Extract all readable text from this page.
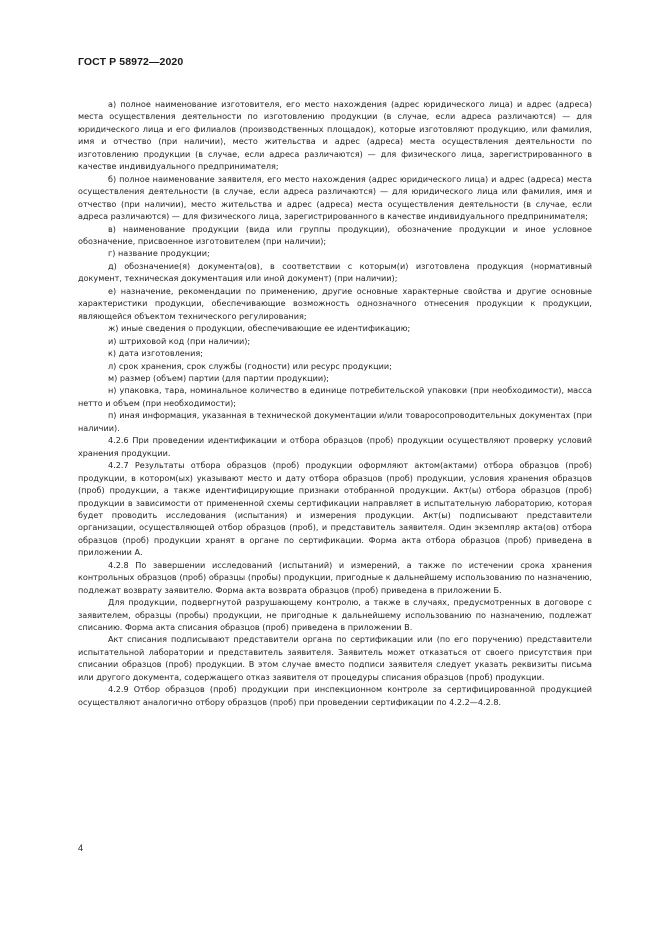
ГОСТ Р 58972—2020

а) полное наименование изготовителя, его место нахождения (адрес юридического лица) и адрес (адреса) места осуществления деятельности по изготовлению продукции (в случае, если адреса различаются) — для юридического лица и его филиалов (производственных площадок), которые изготовляют продукцию, или фамилия, имя и отчество (при наличии), место жительства и адрес (адреса) места осуществления деятельности по изготовлению продукции (в случае, если адреса различаются) — для физического лица, зарегистрированного в качестве индивидуального предпринимателя;

б) полное наименование заявителя, его место нахождения (адрес юридического лица) и адрес (адреса) места осуществления деятельности (в случае, если адреса различаются) — для юридического лица или фамилия, имя и отчество (при наличии), место жительства и адрес (адреса) места осуществления деятельности (в случае, если адреса различаются) — для физического лица, зарегистрированного в качестве индивидуального предпринимателя;

в) наименование продукции (вида или группы продукции), обозначение продукции и иное условное обозначение, присвоенное изготовителем (при наличии);

г) название продукции;

д) обозначение(я) документа(ов), в соответствии с которым(и) изготовлена продукция (нормативный документ, техническая документация или иной документ) (при наличии);

е) назначение, рекомендации по применению, другие основные характерные свойства и другие основные характеристики продукции, обеспечивающие возможность однозначного отнесения продукции к продукции, являющейся объектом технического регулирования;

ж) иные сведения о продукции, обеспечивающие ее идентификацию;

и) штриховой код (при наличии);

к) дата изготовления;

л) срок хранения, срок службы (годности) или ресурс продукции;

м) размер (объем) партии (для партии продукции);

н) упаковка, тара, номинальное количество в единице потребительской упаковки (при необходимости), масса нетто и объем (при необходимости);

п) иная информация, указанная в технической документации и/или товаросопроводительных документах (при наличии).

4.2.6 При проведении идентификации и отбора образцов (проб) продукции осуществляют проверку условий хранения продукции.

4.2.7 Результаты отбора образцов (проб) продукции оформляют актом(актами) отбора образцов (проб) продукции, в котором(ых) указывают место и дату отбора образцов (проб) продукции, условия хранения образцов (проб) продукции, а также идентифицирующие признаки отобранной продукции. Акт(ы) отбора образцов (проб) продукции в зависимости от примененной схемы сертификации направляет в испытательную лабораторию, которая будет проводить исследования (испытания) и измерения продукции. Акт(ы) подписывают представители организации, осуществляющей отбор образцов (проб), и представитель заявителя. Один экземпляр акта(ов) отбора образцов (проб) продукции хранят в органе по сертификации. Форма акта отбора образцов (проб) приведена в приложении А.

4.2.8 По завершении исследований (испытаний) и измерений, а также по истечении срока хранения контрольных образцов (проб) образцы (пробы) продукции, пригодные к дальнейшему использованию по назначению, подлежат возврату заявителю. Форма акта возврата образцов (проб) приведена в приложении Б.

Для продукции, подвергнутой разрушающему контролю, а также в случаях, предусмотренных в договоре с заявителем, образцы (пробы) продукции, не пригодные к дальнейшему использованию по назначению, подлежат списанию. Форма акта списания образцов (проб) приведена в приложении В.

Акт списания подписывают представители органа по сертификации или (по его поручению) представители испытательной лаборатории и представитель заявителя. Заявитель может отказаться от своего присутствия при списании образцов (проб) продукции. В этом случае вместо подписи заявителя следует указать реквизиты письма или другого документа, содержащего отказ заявителя от процедуры списания образцов (проб) продукции.

4.2.9 Отбор образцов (проб) продукции при инспекционном контроле за сертифицированной продукцией осуществляют аналогично отбору образцов (проб) при проведении сертификации по 4.2.2—4.2.8.

4
